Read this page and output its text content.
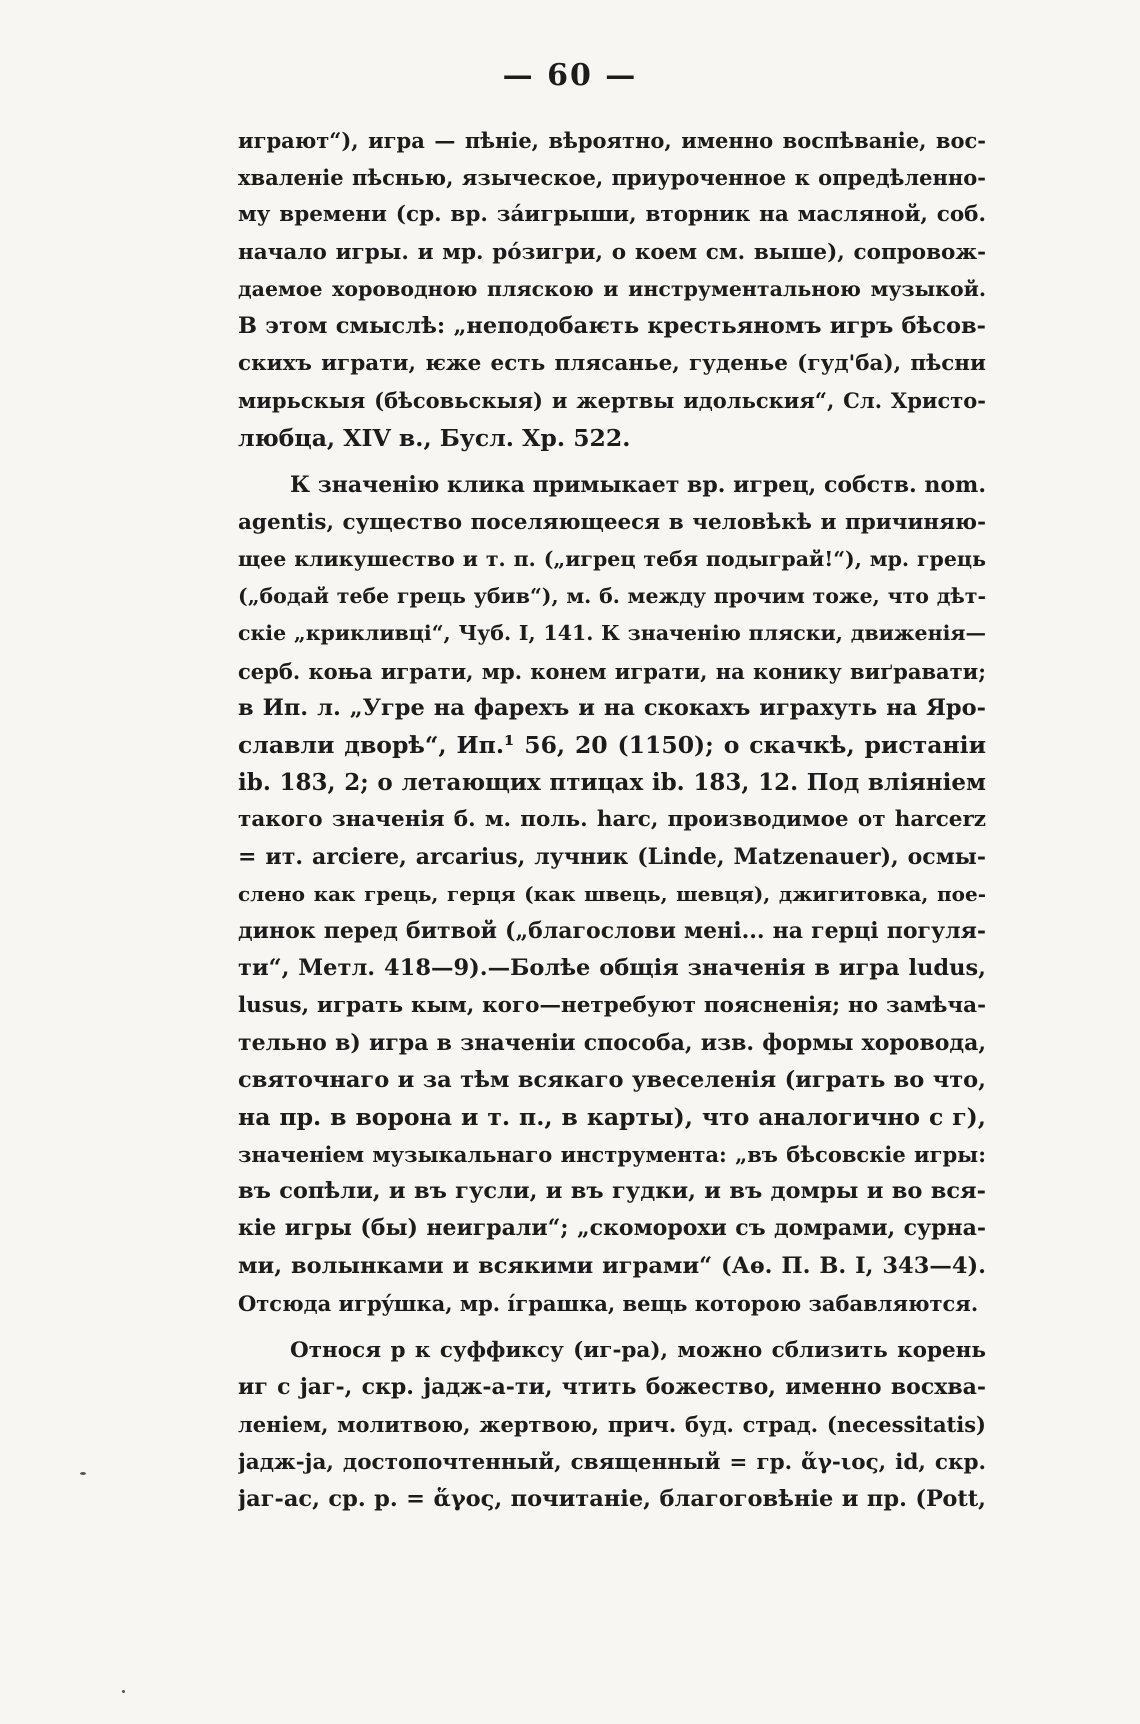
— 60 —
играют“), игра — пѣніе, вѣроятно, именно воспѣваніе, вос-
хваленіе пѣснью, языческое, приуроченное к опредѣленно-
му времени (ср. вр. зáигрыши, вторник на масляной, соб.
начало игры. и мр. рóзигри, о коем см. выше), сопровож-
даемое хороводною пляскою и инструментальною музыкой.
В этом смыслѣ: „неподобаѥть крестьяномъ игръ бѣсов-
скихъ играти, ѥже есть плясанье, гуденье (гуд'ба), пѣсни
мирьскыя (бѣсовьскыя) и жертвы идольския“, Сл. Христо-
любца, XIV в., Бусл. Хр. 522.
К значенію клика примыкает вр. игрец, собств. nom.
agentis, существо поселяющееся в человѣкѣ и причиняю-
щее кликушество и т. п. („игрец тебя подыграй!“), мр. грець
(„бодай тебе грець убив“), м. б. между прочим тоже, что дѣт-
скіе „крикливці“, Чуб. I, 141. К значенію пляски, движенія—
серб. коња играти, мр. конем играти, на конику виґравати;
в Ип. л. „Угре на фарехъ и на скокахъ играхуть на Яро-
славли дворѣ“, Ип.¹ 56, 20 (1150); о скачкѣ, ристаніи
ib. 183, 2; о летающих птицах ib. 183, 12. Под вліяніем
такого значенія б. м. поль. harc, производимое от harcerz
= ит. arciere, arcarius, лучник (Linde, Matzenauer), осмы-
слено как грець, герця (как швець, шевця), джигитовка, пое-
динок перед битвой („благослови мені... на герці погуля-
ти“, Метл. 418—9).—Болѣе общія значенія в игра ludus,
lusus, играть кым, кого—нетребуют поясненія; но замѣча-
тельно в) игра в значеніи способа, изв. формы хоровода,
святочнаго и за тѣм всякаго увеселенія (играть во что,
на пр. в ворона и т. п., в карты), что аналогично с г),
значеніем музыкальнаго инструмента: „въ бѣсовскіе игры:
въ сопѣли, и въ гусли, и въ гудки, и въ домры и во вся-
кіе игры (бы) неиграли“; „скоморохи съ домрами, сурна-
ми, волынками и всякими играми“ (Аѳ. П. В. I, 343—4).
Отсюда игрýшка, мр. íграшка, вещь которою забавляются.
Относя р к суффиксу (иг-ра), можно сблизить корень
иг с jaг-, скр. jадж-а-ти, чтить божество, именно восхва-
леніем, молитвою, жертвою, прич. буд. страд. (necessitatis)
jадж-ja, достопочтенный, священный = гр. ἅγ-ιος, id, скр.
jaг-ас, ср. р. = ἅγος, почитаніе, благоговѣніе и пр. (Pott,
